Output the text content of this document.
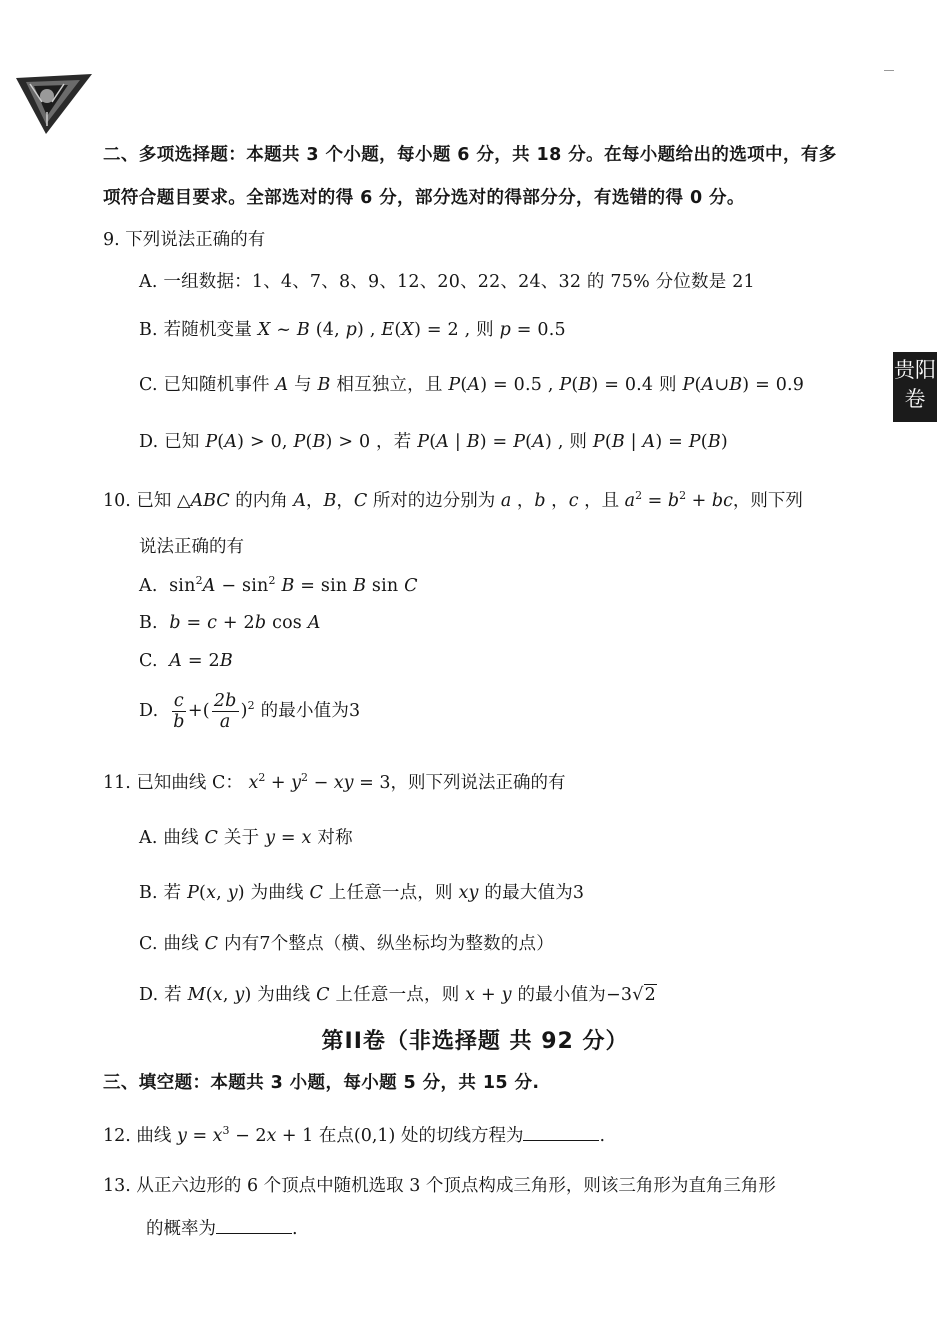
贵阳
卷
二、多项选择题：本题共 3 个小题，每小题 6 分，共 18 分。在每小题给出的选项中，有多
项符合题目要求。全部选对的得 6 分，部分选对的得部分分，有选错的得 0 分。
9. 下列说法正确的有
A. 一组数据：1、4、7、8、9、12、20、22、24、32 的 75% 分位数是 21
B. 若随机变量 X ~ B (4, p) , E(X) = 2 , 则 p = 0.5
C. 已知随机事件 A 与 B 相互独立，且 P(A) = 0.5 , P(B) = 0.4 则 P(A∪B) = 0.9
D. 已知 P(A) > 0, P(B) > 0 ，若 P(A | B) = P(A) , 则 P(B | A) = P(B)
10. 已知 △ABC 的内角 A，B，C 所对的边分别为 a ，b ，c ，且 $a^2 = b^2$ + bc，则下列
说法正确的有
A.  $\sin^2A - \sin^2 B = \sin B$ sin C
B.  b = c + 2b cos A
C.  A = 2B
D. $\frac{c}{b}$ +( $\frac{2b}{a} )^2$ 的最小值为3
11. 已知曲线 C： $x^2 + y^2$ − xy = 3，则下列说法正确的有
A. 曲线 C 关于 y = x 对称
B. 若 P(x, y) 为曲线 C 上任意一点，则 xy 的最大值为3
C. 曲线 C 内有7个整点（横、纵坐标均为整数的点）
D. 若 M(x, y) 为曲线 C 上任意一点，则 x + y 的最小值为−3√2
第II卷（非选择题 共 92 分）
三、填空题：本题共 3 小题，每小题 5 分，共 15 分.
12. 曲线 $y = x^3 - 2x + 1$ 在点(0,1) 处的切线方程为	.
13. 从正六边形的 6 个顶点中随机选取 3 个顶点构成三角形，则该三角形为直角三角形
的概率为	.
